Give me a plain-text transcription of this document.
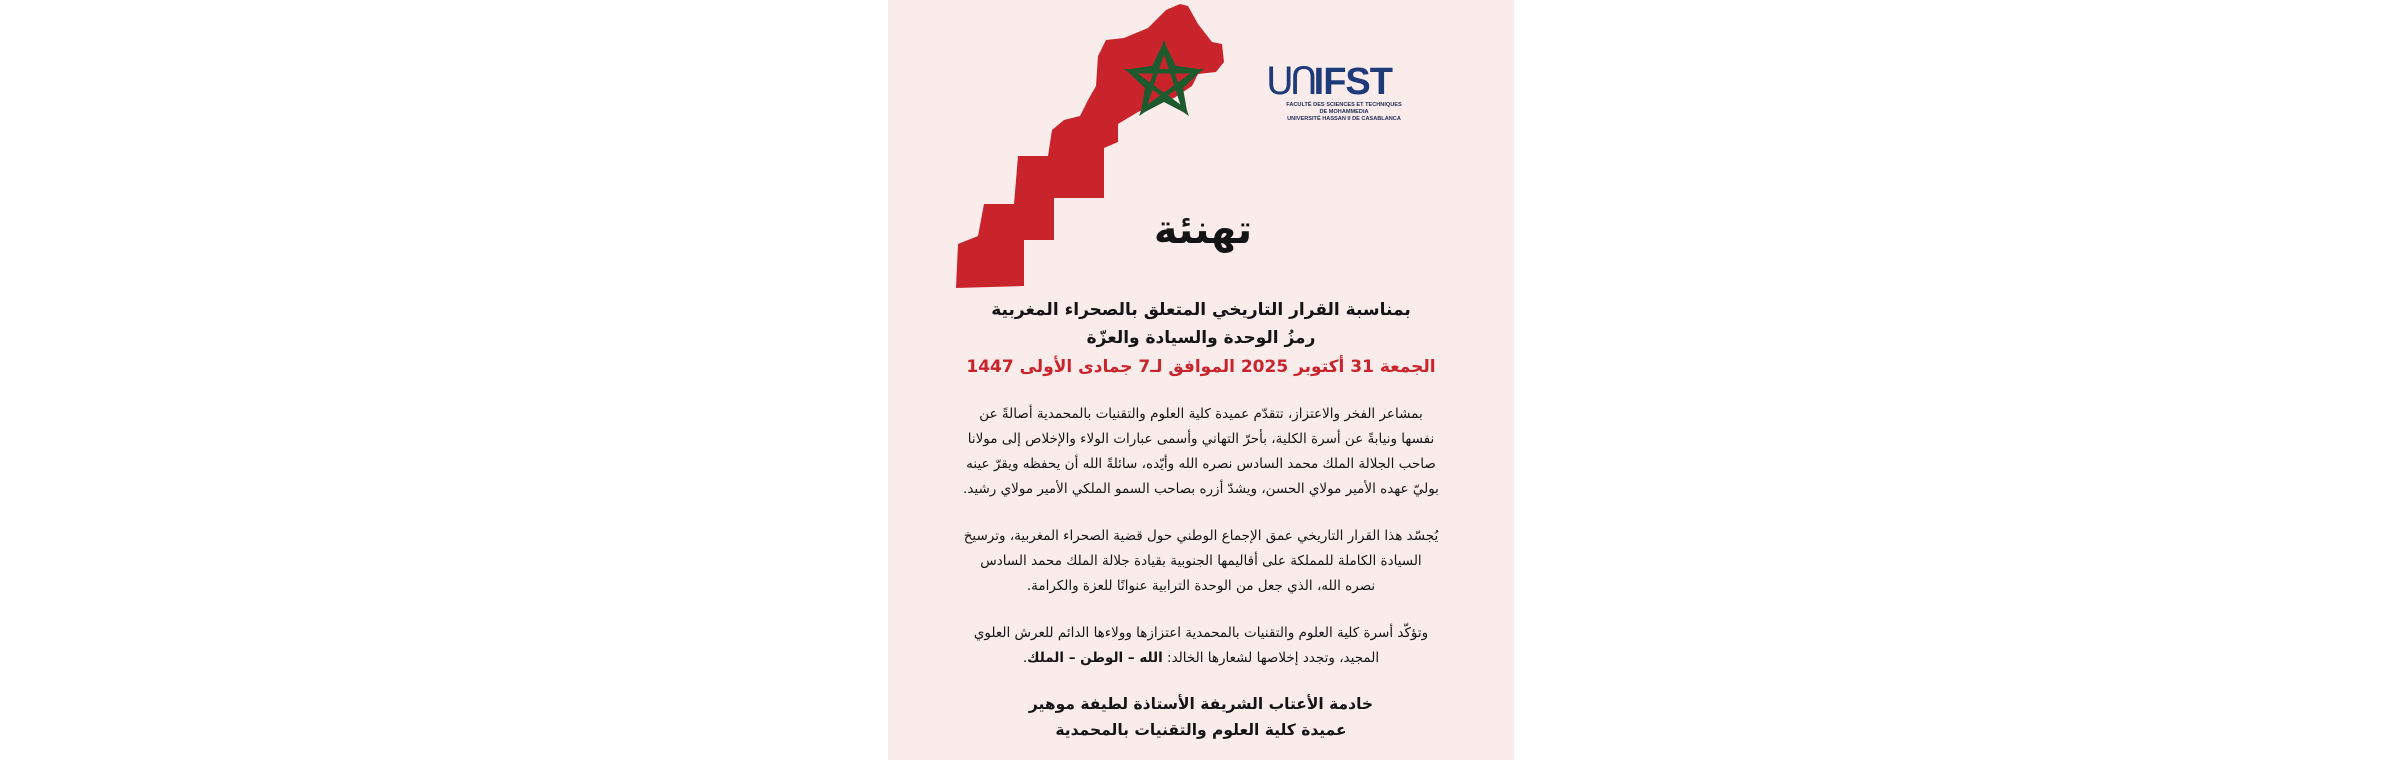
ᑌᑎIFST
FACULTÉ DES SCIENCES ET TECHNIQUES
DE MOHAMMEDIA
UNIVERSITÉ HASSAN II DE CASABLANCA
تهنئة
بمناسبة القرار التاريخي المتعلق بالصحراء المغربية
رمزُ الوحدة والسيادة والعزّة
الجمعة 31 أكتوبر 2025 الموافق لـ7 جمادى الأولى 1447
بمشاعر الفخر والاعتزاز، تتقدّم عميدة كلية العلوم والتقنيات بالمحمدية أصالةً عن
نفسها ونيابةً عن أسرة الكلية، بأحرّ التهاني وأسمى عبارات الولاء والإخلاص إلى مولانا
صاحب الجلالة الملك محمد السادس نصره الله وأيّده، سائلةً الله أن يحفظه ويقرّ عينه
بوليّ عهده الأمير مولاي الحسن، ويشدّ أزره بصاحب السمو الملكي الأمير مولاي رشيد.
يُجسّد هذا القرار التاريخي عمق الإجماع الوطني حول قضية الصحراء المغربية، وترسيخ
السيادة الكاملة للمملكة على أقاليمها الجنوبية بقيادة جلالة الملك محمد السادس
نصره الله، الذي جعل من الوحدة الترابية عنوانًا للعزة والكرامة.
وتؤكّد أسرة كلية العلوم والتقنيات بالمحمدية اعتزازها وولاءها الدائم للعرش العلوي
المجيد، وتجدد إخلاصها لشعارها الخالد: الله – الوطن – الملك.
خادمة الأعتاب الشريفة الأستاذة لطيفة موهير
عميدة كلية العلوم والتقنيات بالمحمدية
